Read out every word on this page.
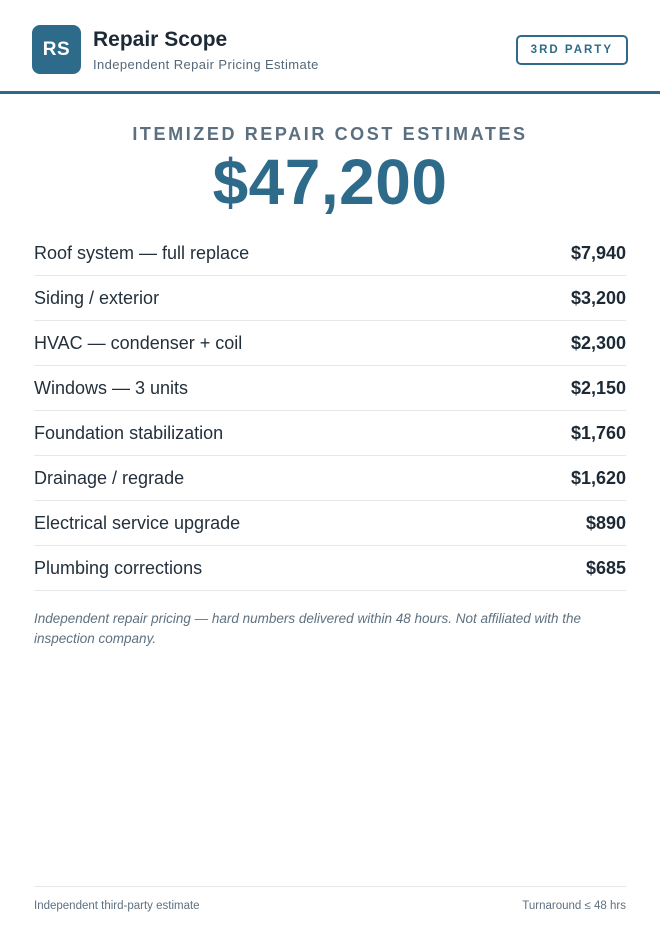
RS	Repair Scope
Independent Repair Pricing Estimate
3RD PARTY
ITEMIZED REPAIR COST ESTIMATES
$47,200
Roof system — full replace	$7,940
Siding / exterior	$3,200
HVAC — condenser + coil	$2,300
Windows — 3 units	$2,150
Foundation stabilization	$1,760
Drainage / regrade	$1,620
Electrical service upgrade	$890
Plumbing corrections	$685

Independent repair pricing — hard numbers delivered within 48 hours. Not affiliated with the inspection company.

Independent third-party estimate	Turnaround ≤ 48 hrs
